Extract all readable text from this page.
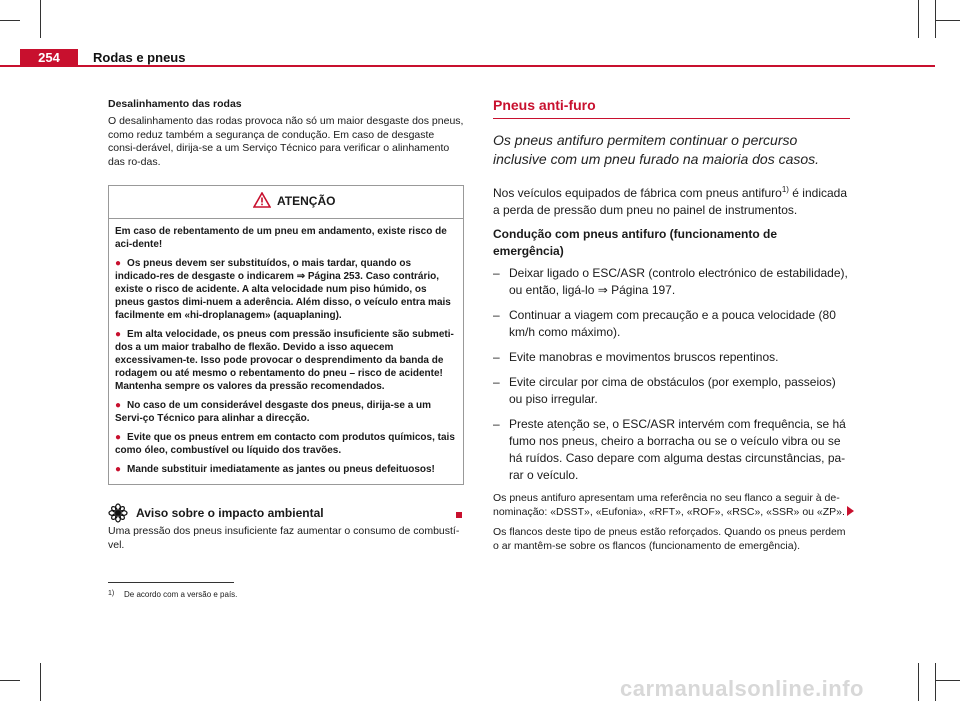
254	Rodas e pneus

Desalinhamento das rodas

O desalinhamento das rodas provoca não só um maior desgaste dos pneus, como reduz também a segurança de condução. Em caso de desgaste consi-derável, dirija-se a um Serviço Técnico para verificar o alinhamento das ro-das.

ATENÇÃO

Em caso de rebentamento de um pneu em andamento, existe risco de aci-dente!

● Os pneus devem ser substituídos, o mais tardar, quando os indicado-res de desgaste o indicarem ⇒ Página 253. Caso contrário, existe o risco de acidente. A alta velocidade num piso húmido, os pneus gastos dimi-nuem a aderência. Além disso, o veículo entra mais facilmente em «hi-droplanagem» (aquaplaning).

● Em alta velocidade, os pneus com pressão insuficiente são submeti-dos a um maior trabalho de flexão. Devido a isso aquecem excessivamen-te. Isso pode provocar o desprendimento da banda de rodagem ou até mesmo o rebentamento do pneu – risco de acidente! Mantenha sempre os valores da pressão recomendados.

● No caso de um considerável desgaste dos pneus, dirija-se a um Servi-ço Técnico para alinhar a direcção.

● Evite que os pneus entrem em contacto com produtos químicos, tais como óleo, combustível ou líquido dos travões.

● Mande substituir imediatamente as jantes ou pneus defeituosos!

Aviso sobre o impacto ambiental

Uma pressão dos pneus insuficiente faz aumentar o consumo de combustí-vel.

Pneus anti-furo

Os pneus antifuro permitem continuar o percurso inclusive com um pneu furado na maioria dos casos.

Nos veículos equipados de fábrica com pneus antifuro$^{1)}$ é indicada a perda de pressão dum pneu no painel de instrumentos.

Condução com pneus antifuro (funcionamento de emergência)

– Deixar ligado o ESC/ASR (controlo electrónico de estabilidade), ou então, ligá-lo ⇒ Página 197.

– Continuar a viagem com precaução e a pouca velocidade (80 km/h como máximo).

– Evite manobras e movimentos bruscos repentinos.

– Evite circular por cima de obstáculos (por exemplo, passeios) ou piso irregular.

– Preste atenção se, o ESC/ASR intervém com frequência, se há fumo nos pneus, cheiro a borracha ou se o veículo vibra ou se há ruídos. Caso depare com alguma destas circunstâncias, pa-rar o veículo.

Os pneus antifuro apresentam uma referência no seu flanco a seguir à de-nominação: «DSST», «Eufonia», «RFT», «ROF», «RSC», «SSR» ou «ZP».

Os flancos deste tipo de pneus estão reforçados. Quando os pneus perdem o ar mantêm-se sobre os flancos (funcionamento de emergência).

1) De acordo com a versão e país.
carmanualsonline.info
